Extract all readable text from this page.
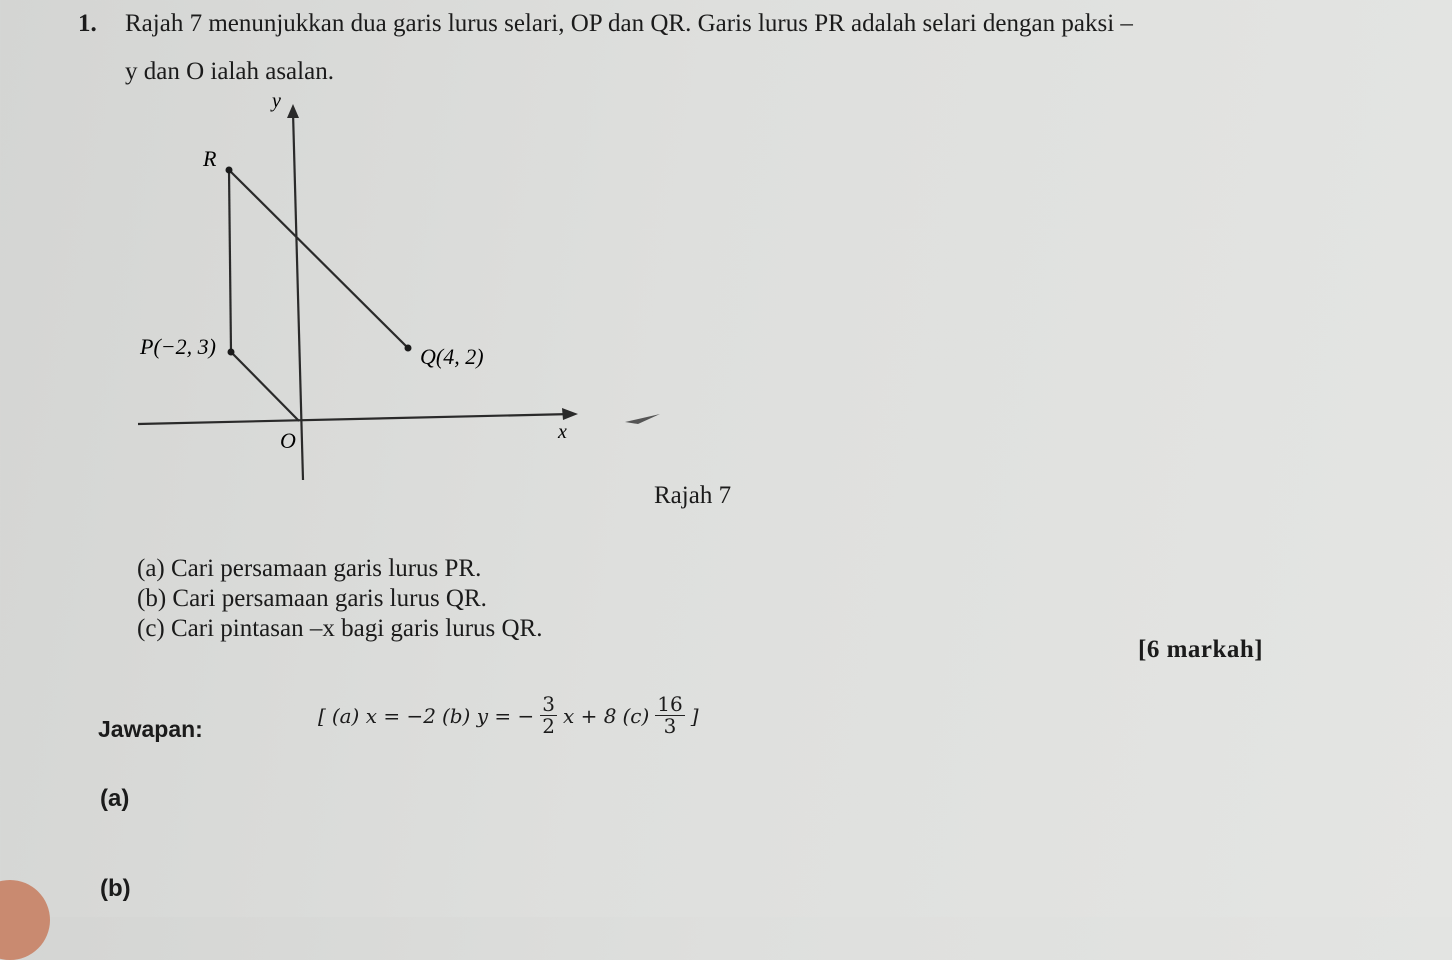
1. Rajah 7 menunjukkan dua garis lurus selari, OP dan QR. Garis lurus PR adalah selari dengan paksi –
y dan O ialah asalan.
y
x
O
R
P(−2, 3)	Q(4, 2)
Rajah 7
(a) Cari persamaan garis lurus PR.
(b) Cari persamaan garis lurus QR.
(c) Cari pintasan –x bagi garis lurus QR.
[6 markah]
Jawapan:
[ (a) x = −2 (b) y = − $\frac{3}{2}$ x + 8 $(c) \frac{16}{3}$ ]
(a)
(b)
